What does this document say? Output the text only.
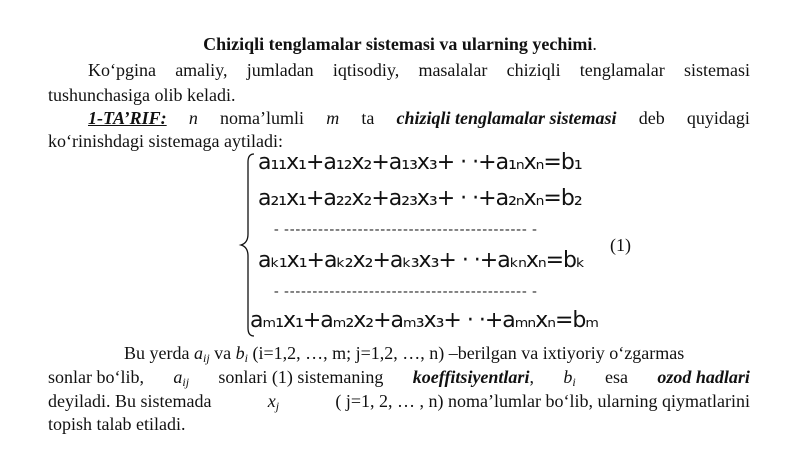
Chiziqli tenglamalar sistemasi va ularning yechimi.
Ko‘pgina amaliy, jumladan iqtisodiy, masalalar chiziqli tenglamalar sistemasi
tushunchasiga olib keladi.
1-TA’RIF: n noma’lumli m ta chiziqli tenglamalar sistemasi deb quyidagi
ko‘rinishdagi sistemaga aytiladi:
a₁₁x₁+a₁₂x₂+a₁₃x₃+ · ·+a₁ₙxₙ=b₁
a₂₁x₁+a₂₂x₂+a₂₃x₃+ · ·+a₂ₙxₙ=b₂
- ------------------------------------------- -
aₖ₁x₁+aₖ₂x₂+aₖ₃x₃+ · ·+aₖₙxₙ=bₖ
- ------------------------------------------- -
aₘ₁x₁+aₘ₂x₂+aₘ₃x₃+ · ·+aₘₙxₙ=bₘ
(1)
Bu yerda $a_{ij}$ va $b_i$ (i=1,2, …, m; j=1,2, …, n) –berilgan va ixtiyoriy o‘zgarmas
sonlar bo‘lib, $a_{ij}$ sonlari (1) sistemaning koeffitsiyentlari, $b_i$ esa ozod hadlari
deyiladi. Bu sistemada	$x_j$	( j=1, 2, … , n) noma’lumlar bo‘lib, ularning qiymatlarini
topish talab etiladi.
